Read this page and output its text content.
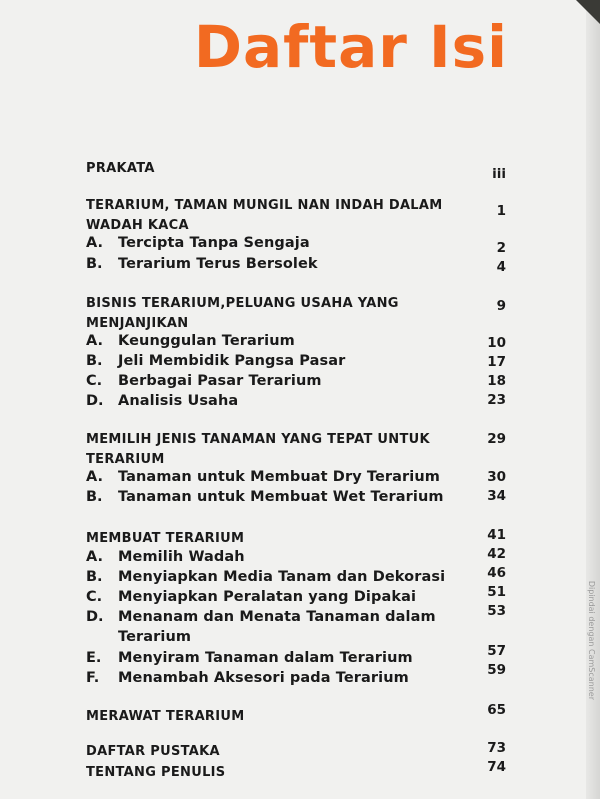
Daftar Isi
PRAKATA	iii
TERARIUM, TAMAN MUNGIL NAN INDAH DALAM
WADAH KACA
1
A. Tercipta Tanpa Sengaja	2
B. Terarium Terus Bersolek	4
BISNIS TERARIUM,PELUANG USAHA YANG
MENJANJIKAN
9
A. Keunggulan Terarium	10
B. Jeli Membidik Pangsa Pasar	17
C. Berbagai Pasar Terarium	18
D. Analisis Usaha	23
MEMILIH JENIS TANAMAN YANG TEPAT UNTUK
TERARIUM
29
A. Tanaman untuk Membuat Dry Terarium	30
B. Tanaman untuk Membuat Wet Terarium	34
MEMBUAT TERARIUM	41
A. Memilih Wadah	42
B. Menyiapkan Media Tanam dan Dekorasi	46
C. Menyiapkan Peralatan yang Dipakai	51
D. Menanam dan Menata Tanaman dalam
Terarium
53
E. Menyiram Tanaman dalam Terarium	57
F. Menambah Aksesori pada Terarium	59
MERAWAT TERARIUM	65
DAFTAR PUSTAKA	73
TENTANG PENULIS	74
Dipindai dengan CamScanner
